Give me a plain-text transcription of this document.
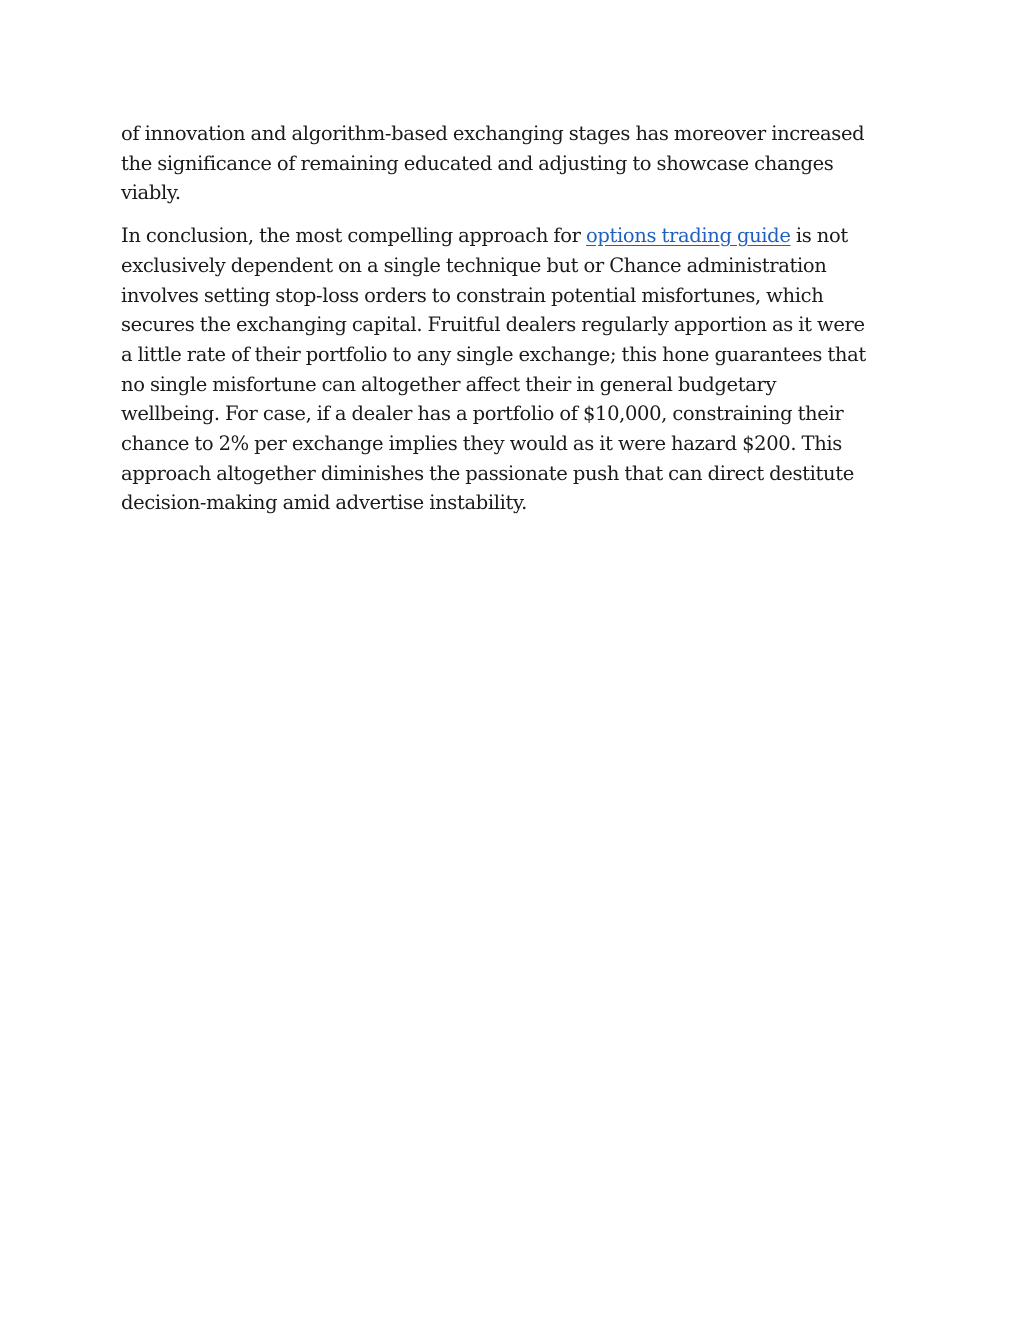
of innovation and algorithm-based exchanging stages has moreover increased
the significance of remaining educated and adjusting to showcase changes
viably.

In conclusion, the most compelling approach for options trading guide is not
exclusively dependent on a single technique but or Chance administration
involves setting stop-loss orders to constrain potential misfortunes, which
secures the exchanging capital. Fruitful dealers regularly apportion as it were
a little rate of their portfolio to any single exchange; this hone guarantees that
no single misfortune can altogether affect their in general budgetary
wellbeing. For case, if a dealer has a portfolio of $10,000, constraining their
chance to 2% per exchange implies they would as it were hazard $200. This
approach altogether diminishes the passionate push that can direct destitute
decision-making amid advertise instability.
